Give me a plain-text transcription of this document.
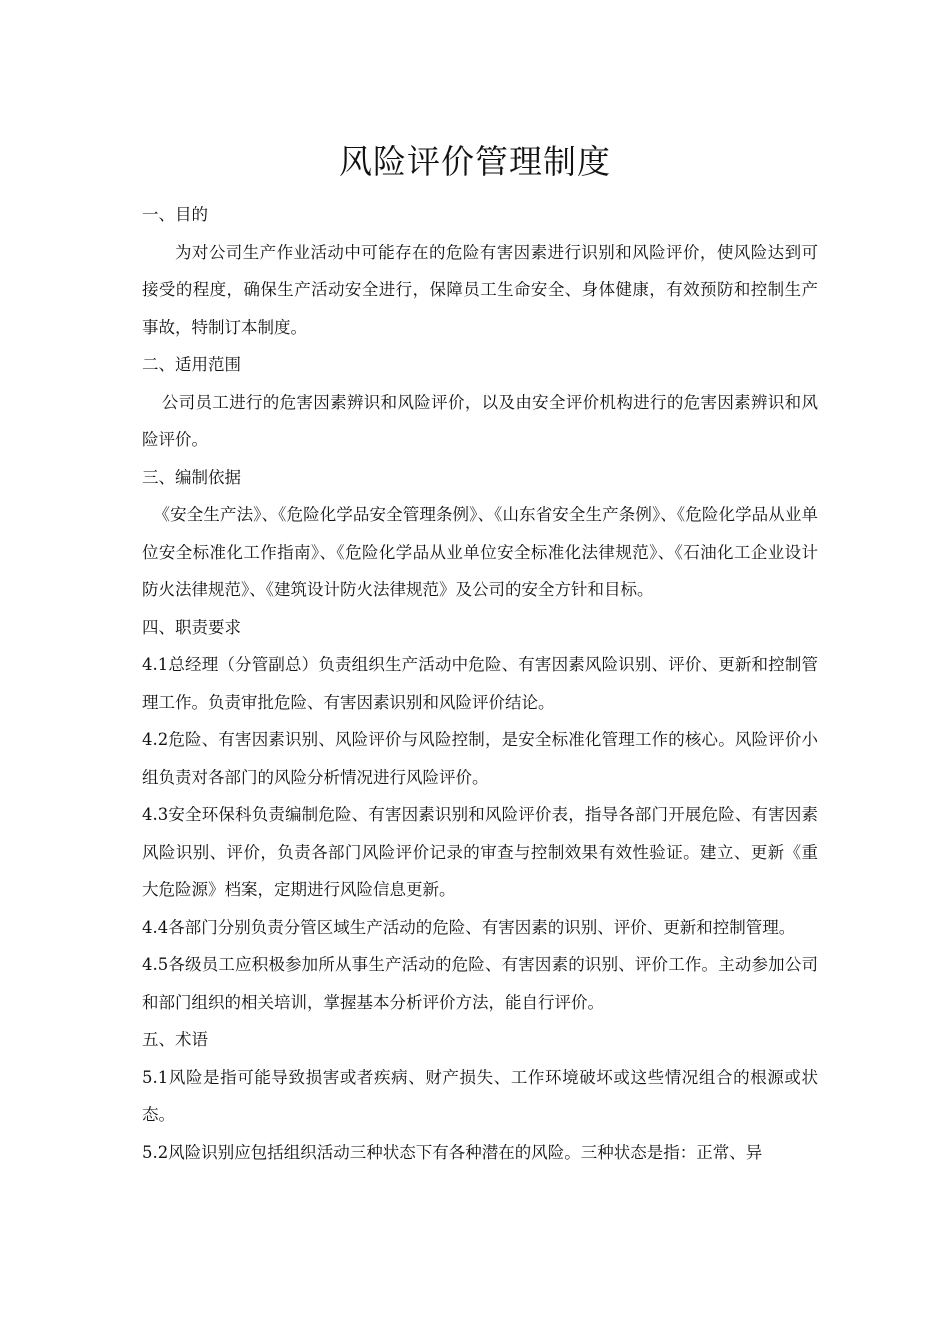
风险评价管理制度

一、目的

为对公司生产作业活动中可能存在的危险有害因素进行识别和风险评价，使风险达到可接受的程度，确保生产活动安全进行，保障员工生命安全、身体健康，有效预防和控制生产事故，特制订本制度。

二、适用范围

公司员工进行的危害因素辨识和风险评价，以及由安全评价机构进行的危害因素辨识和风险评价。

三、编制依据

《安全生产法》、《危险化学品安全管理条例》、《山东省安全生产条例》、《危险化学品从业单位安全标准化工作指南》、《危险化学品从业单位安全标准化法律规范》、《石油化工企业设计防火法律规范》、《建筑设计防火法律规范》及公司的安全方针和目标。

四、职责要求

4.1总经理（分管副总）负责组织生产活动中危险、有害因素风险识别、评价、更新和控制管理工作。负责审批危险、有害因素识别和风险评价结论。

4.2危险、有害因素识别、风险评价与风险控制，是安全标准化管理工作的核心。风险评价小组负责对各部门的风险分析情况进行风险评价。

4.3安全环保科负责编制危险、有害因素识别和风险评价表，指导各部门开展危险、有害因素风险识别、评价，负责各部门风险评价记录的审查与控制效果有效性验证。建立、更新《重大危险源》档案，定期进行风险信息更新。

4.4各部门分别负责分管区域生产活动的危险、有害因素的识别、评价、更新和控制管理。

4.5各级员工应积极参加所从事生产活动的危险、有害因素的识别、评价工作。主动参加公司和部门组织的相关培训，掌握基本分析评价方法，能自行评价。

五、术语

5.1风险是指可能导致损害或者疾病、财产损失、工作环境破坏或这些情况组合的根源或状态。

5.2风险识别应包括组织活动三种状态下有各种潜在的风险。三种状态是指：正常、异
